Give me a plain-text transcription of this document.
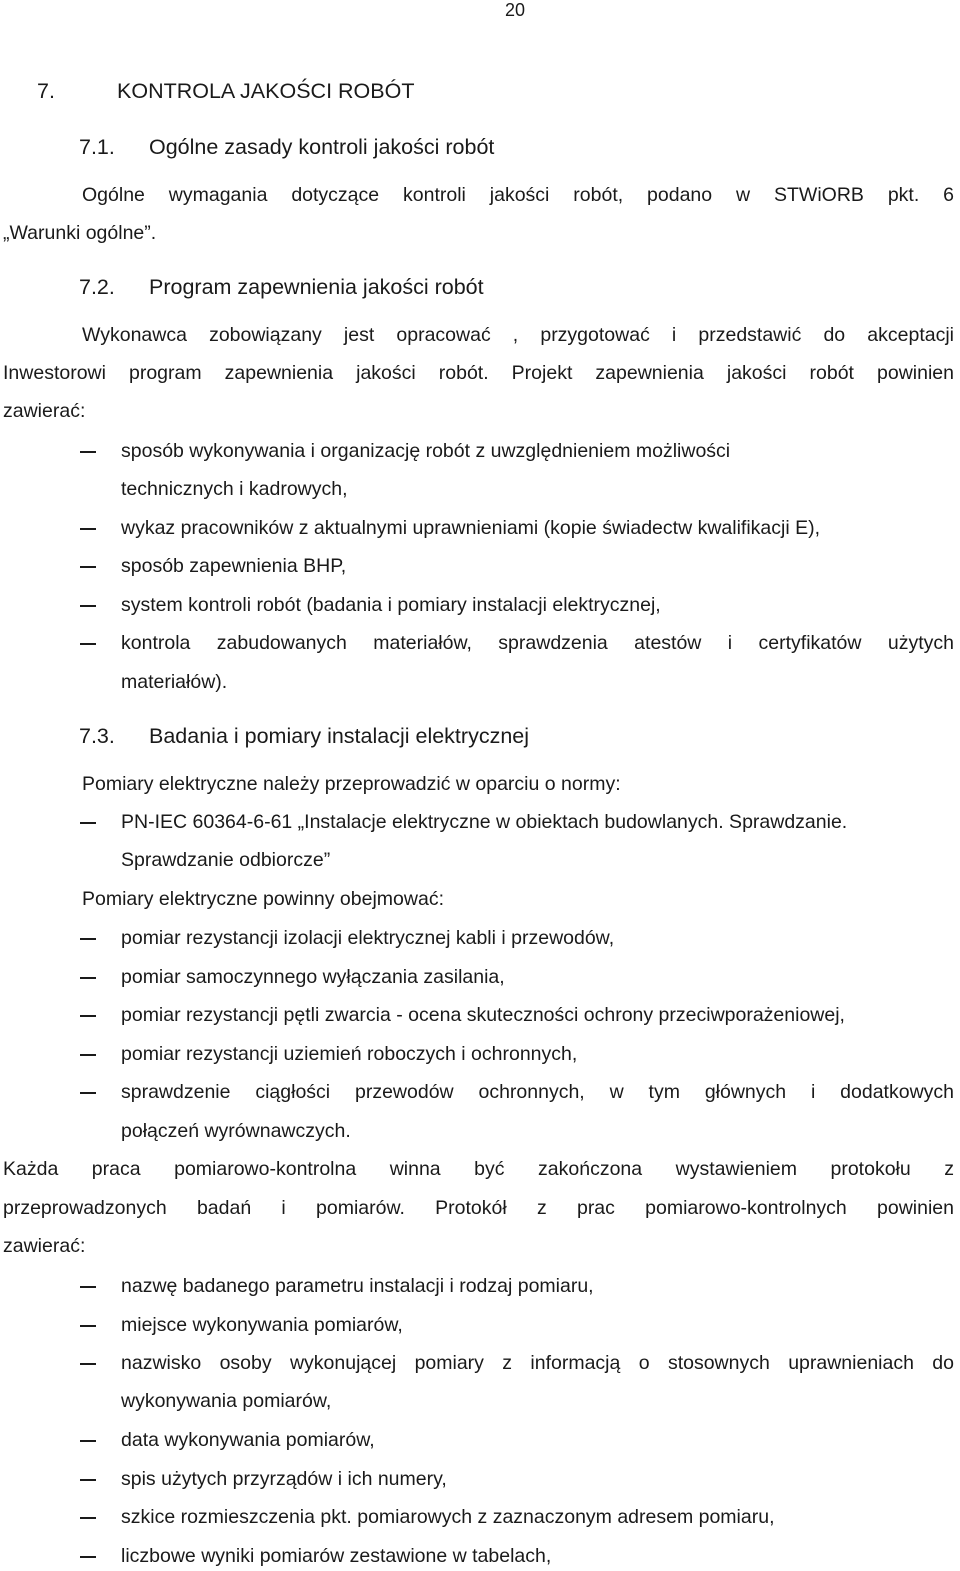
20
7.	KONTROLA JAKOŚCI ROBÓT
7.1. Ogólne zasady kontroli jakości robót
Ogólne wymagania dotyczące kontroli jakości robót, podano w STWiORB pkt. 6
„Warunki ogólne”.
7.2. Program zapewnienia jakości robót
Wykonawca zobowiązany jest opracować , przygotować i przedstawić do akceptacji
Inwestorowi program zapewnienia jakości robót. Projekt zapewnienia jakości robót powinien
zawierać:
sposób wykonywania i organizację robót z uwzględnieniem możliwości
technicznych i kadrowych,
wykaz pracowników z aktualnymi uprawnieniami (kopie świadectw kwalifikacji E),
sposób zapewnienia BHP,
system kontroli robót (badania i pomiary instalacji elektrycznej,
kontrola zabudowanych materiałów, sprawdzenia atestów i certyfikatów użytych
materiałów).
7.3. Badania i pomiary instalacji elektrycznej
Pomiary elektryczne należy przeprowadzić w oparciu o normy:
PN-IEC 60364-6-61 „Instalacje elektryczne w obiektach budowlanych. Sprawdzanie.
Sprawdzanie odbiorcze”
Pomiary elektryczne powinny obejmować:
pomiar rezystancji izolacji elektrycznej kabli i przewodów,
pomiar samoczynnego wyłączania zasilania,
pomiar rezystancji pętli zwarcia - ocena skuteczności ochrony przeciwporażeniowej,
pomiar rezystancji uziemień roboczych i ochronnych,
sprawdzenie ciągłości przewodów ochronnych, w tym głównych i dodatkowych
połączeń wyrównawczych.
Każda praca pomiarowo-kontrolna winna być zakończona wystawieniem protokołu z
przeprowadzonych badań i pomiarów. Protokół z prac pomiarowo-kontrolnych powinien
zawierać:
nazwę badanego parametru instalacji i rodzaj pomiaru,
miejsce wykonywania pomiarów,
nazwisko osoby wykonującej pomiary z informacją o stosownych uprawnieniach do
wykonywania pomiarów,
data wykonywania pomiarów,
spis użytych przyrządów i ich numery,
szkice rozmieszczenia pkt. pomiarowych z zaznaczonym adresem pomiaru,
liczbowe wyniki pomiarów zestawione w tabelach,
